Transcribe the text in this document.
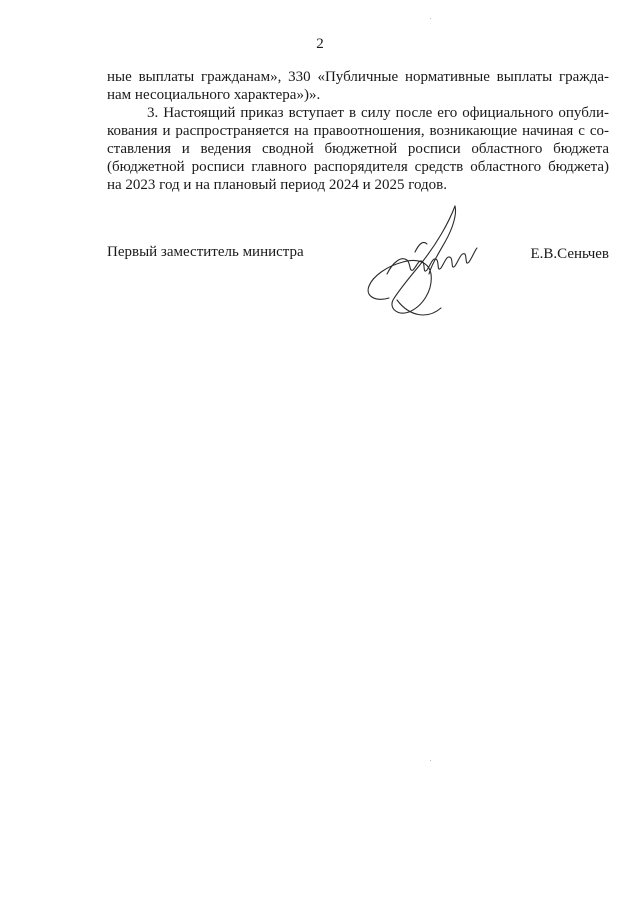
2
ные выплаты гражданам», 330 «Публичные нормативные выплаты гражда-
нам несоциального характера»)».
3. Настоящий приказ вступает в силу после его официального опубли-
кования и распространяется на правоотношения, возникающие начиная с со-
ставления и ведения сводной бюджетной росписи областного бюджета
(бюджетной росписи главного распорядителя средств областного бюджета)
на 2023 год и на плановый период 2024 и 2025 годов.
Первый заместитель министра	Е.В.Сеньчев
